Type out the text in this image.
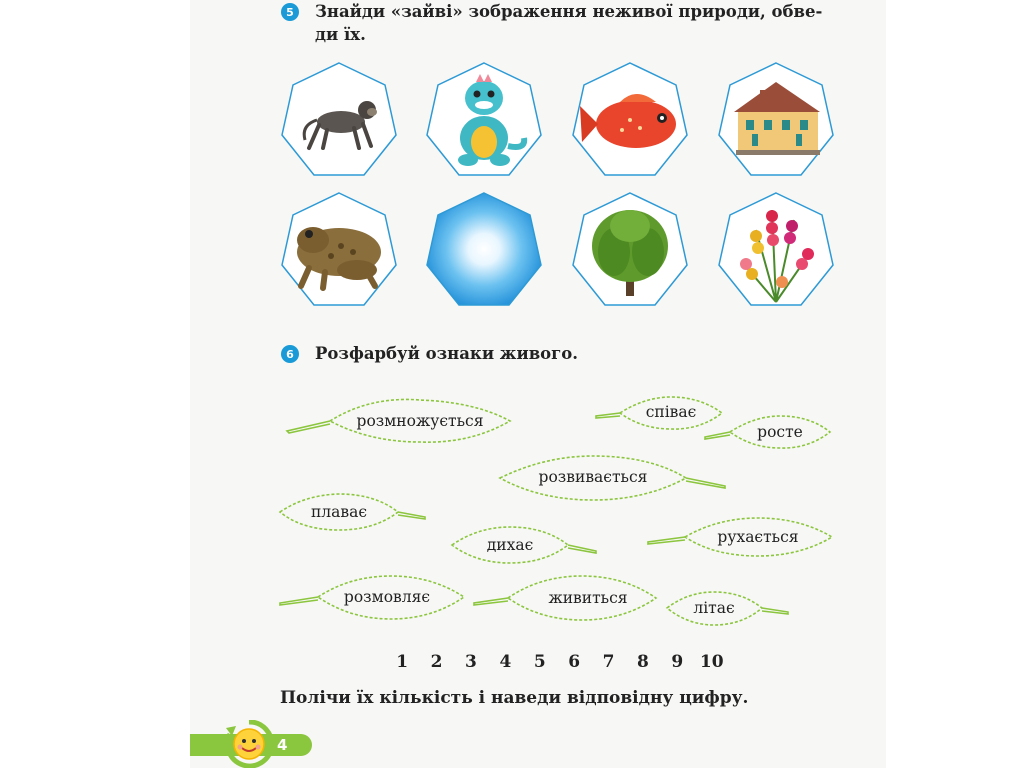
5	Знайди «зайві» зображення неживої природи, обве-
ди їх.
6	Розфарбуй ознаки живого.
розмножується	співає
росте
розвивається
плаває
дихає	рухається
розмовляє	живиться
літає
1	2	3	4	5	6	7	8	9 10
Полічи їх кількість і наведи відповідну цифру.
4
